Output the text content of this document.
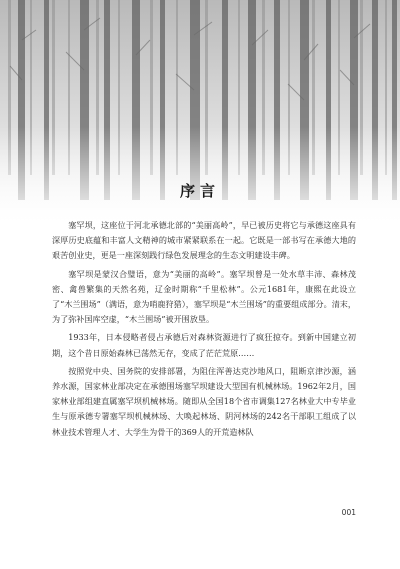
序言

塞罕坝，这座位于河北承德北部的“美丽高岭”，早已被历史将它与承德这座具有深厚历史底蕴和丰富人文精神的城市紧紧联系在一起。它既是一部书写在承德大地的艰苦创业史，更是一座深刻践行绿色发展理念的生态文明建设丰碑。

塞罕坝是蒙汉合璧语，意为“美丽的高岭”。塞罕坝曾是一处水草丰沛、森林茂密、禽兽繁集的天然名苑，辽金时期称“千里松林”。公元1681年，康熙在此设立了“木兰围场”（满语，意为哨鹿狩猎），塞罕坝是“木兰围场”的重要组成部分。清末，为了弥补国库空虚，“木兰围场”被开围放垦。

1933年，日本侵略者侵占承德后对森林资源进行了疯狂掠夺。到新中国建立初期，这个昔日原始森林已荡然无存，变成了茫茫荒原……

按照党中央、国务院的安排部署，为阻住浑善达克沙地风口，阻断京津沙源，涵养水源，国家林业部决定在承德围场塞罕坝建设大型国有机械林场。1962年2月，国家林业部组建直属塞罕坝机械林场。随即从全国18个省市调集127名林业大中专毕业生与原承德专署塞罕坝机械林场、大唤起林场、阴河林场的242名干部职工组成了以林业技术管理人才、大学生为骨干的369人的开荒造林队

001
